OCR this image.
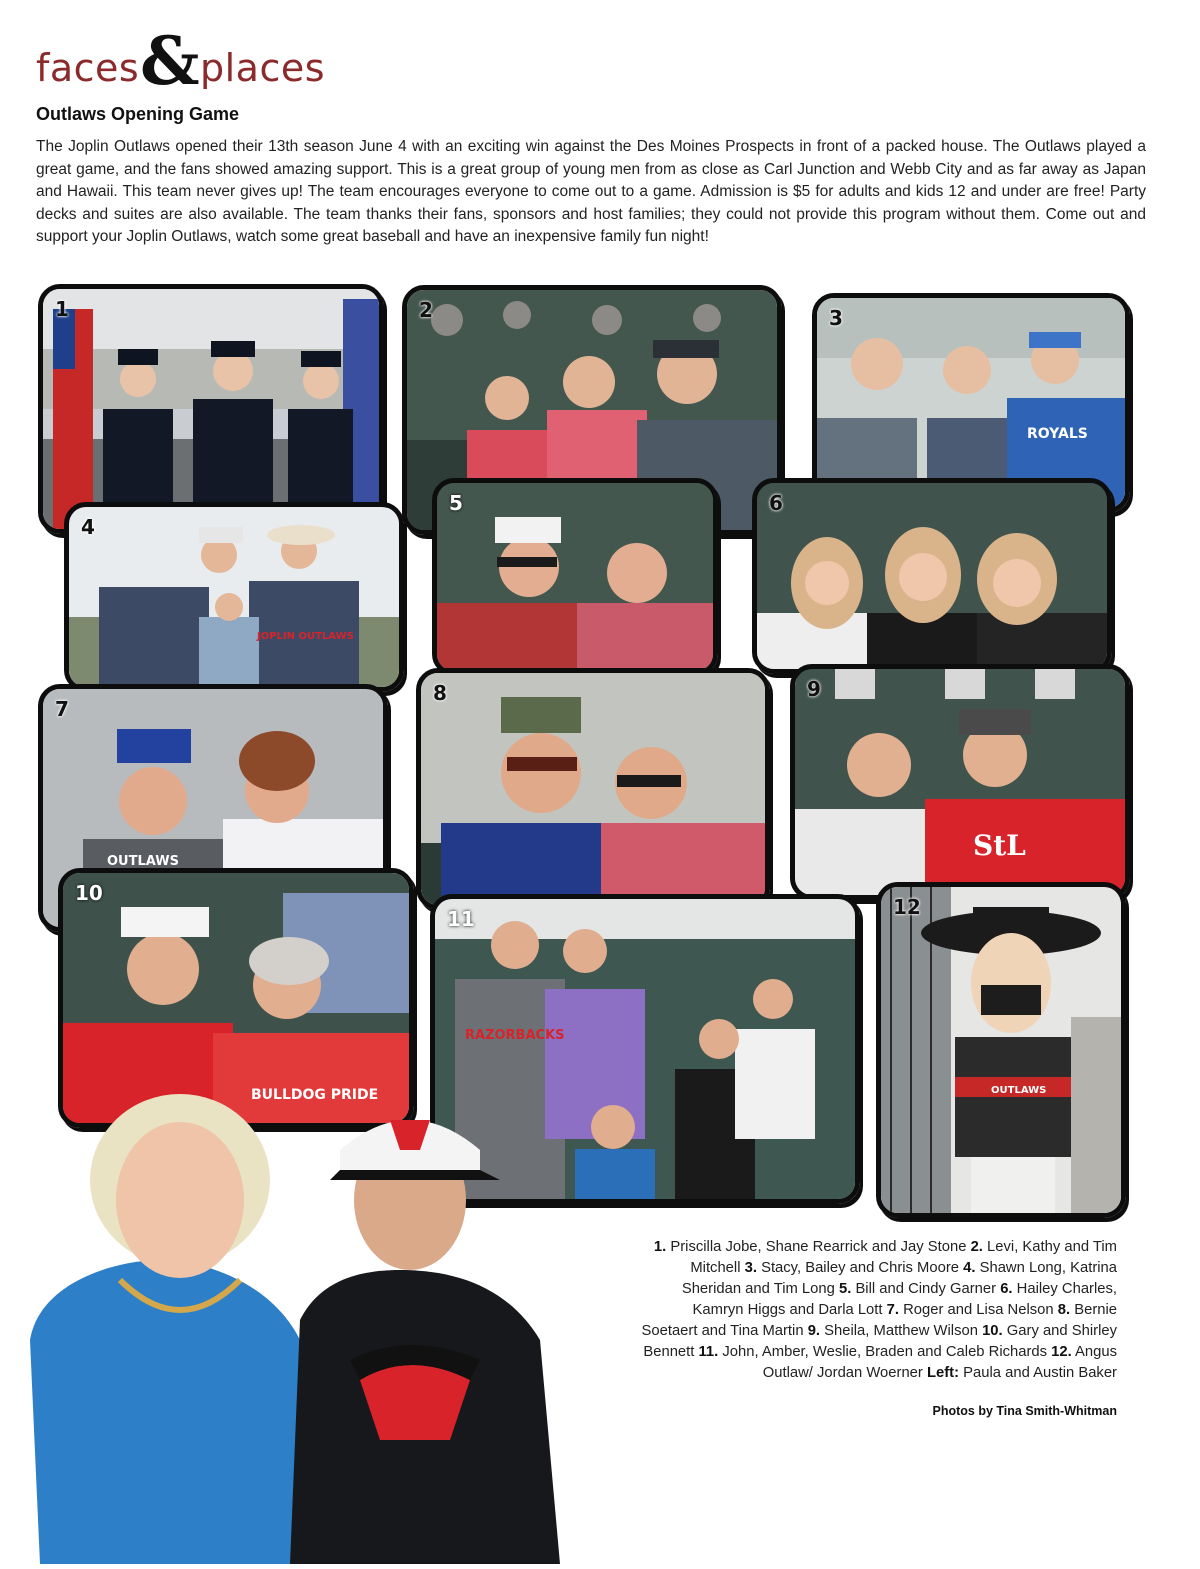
faces & places
Outlaws Opening Game

The Joplin Outlaws opened their 13th season June 4 with an exciting win against the Des Moines Prospects in front of a packed house. The Outlaws played a great game, and the fans showed amazing support. This is a great group of young men from as close as Carl Junction and Webb City and as far away as Japan and Hawaii. This team never gives up! The team encourages everyone to come out to a game. Admission is $5 for adults and kids 12 and under are free! Party decks and suites are also available. The team thanks their fans, sponsors and host families; they could not provide this program without them. Come out and support your Joplin Outlaws, watch some great baseball and have an inexpensive family fun night!

1	2
ROYALS
3
JOPLIN OUTLAWS
4
5	6
OUTLAWS
7
8
StL
9
BULLDOG PRIDE
10
RAZORBACKS
11
OUTLAWS
12

1. Priscilla Jobe, Shane Rearrick and Jay Stone 2. Levi, Kathy and Tim Mitchell 3. Stacy, Bailey and Chris Moore 4. Shawn Long, Katrina Sheridan and Tim Long 5. Bill and Cindy Garner 6. Hailey Charles, Kamryn Higgs and Darla Lott 7. Roger and Lisa Nelson 8. Bernie Soetaert and Tina Martin 9. Sheila, Matthew Wilson 10. Gary and Shirley Bennett 11. John, Amber, Weslie, Braden and Caleb Richards 12. Angus Outlaw/ Jordan Woerner Left: Paula and Austin Baker

Photos by Tina Smith-Whitman
